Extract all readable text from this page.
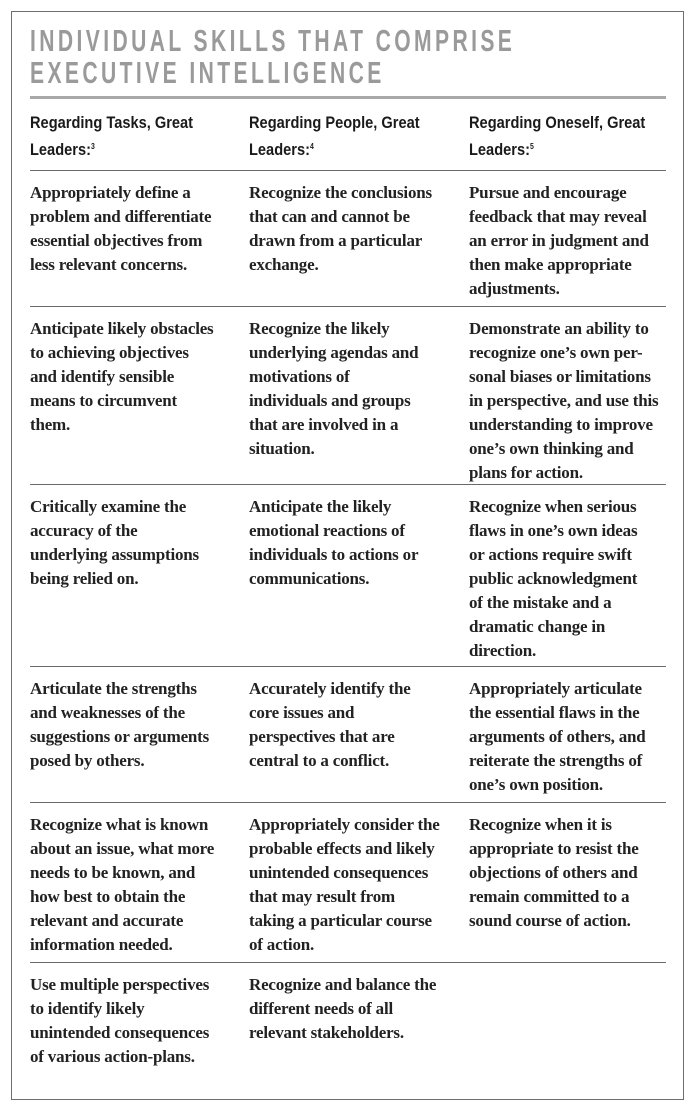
INDIVIDUAL SKILLS THAT COMPRISE
EXECUTIVE INTELLIGENCE
Regarding Tasks, Great
Leaders:$^3$
Regarding People, Great
Leaders:$^4$
Regarding Oneself, Great
Leaders:$^5$
Appropriately define a
problem and differentiate
essential objectives from
less relevant concerns.
Recognize the conclusions
that can and cannot be
drawn from a particular
exchange.
Pursue and encourage
feedback that may reveal
an error in judgment and
then make appropriate
adjustments.
Anticipate likely obstacles
to achieving objectives
and identify sensible
means to circumvent
them.
Recognize the likely
underlying agendas and
motivations of
individuals and groups
that are involved in a
situation.
Demonstrate an ability to
recognize one’s own per-
sonal biases or limitations
in perspective, and use this
understanding to improve
one’s own thinking and
plans for action.
Critically examine the
accuracy of the
underlying assumptions
being relied on.
Anticipate the likely
emotional reactions of
individuals to actions or
communications.
Recognize when serious
flaws in one’s own ideas
or actions require swift
public acknowledgment
of the mistake and a
dramatic change in
direction.
Articulate the strengths
and weaknesses of the
suggestions or arguments
posed by others.
Accurately identify the
core issues and
perspectives that are
central to a conflict.
Appropriately articulate
the essential flaws in the
arguments of others, and
reiterate the strengths of
one’s own position.
Recognize what is known
about an issue, what more
needs to be known, and
how best to obtain the
relevant and accurate
information needed.
Appropriately consider the
probable effects and likely
unintended consequences
that may result from
taking a particular course
of action.
Recognize when it is
appropriate to resist the
objections of others and
remain committed to a
sound course of action.
Use multiple perspectives
to identify likely
unintended consequences
of various action-plans.
Recognize and balance the
different needs of all
relevant stakeholders.
